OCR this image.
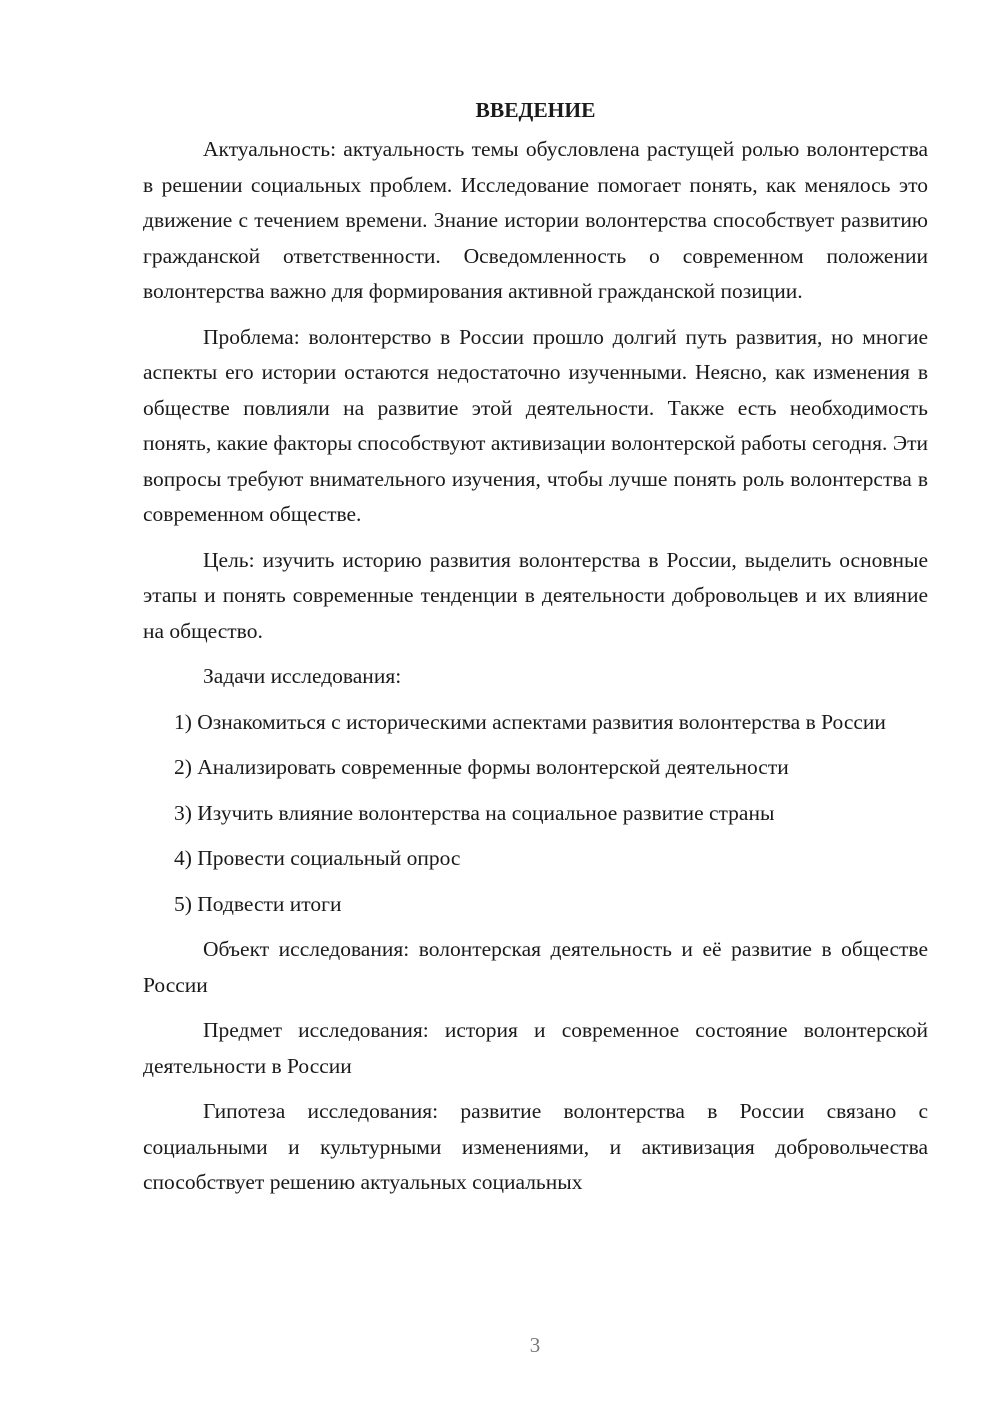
ВВЕДЕНИЕ

Актуальность: актуальность темы обусловлена растущей ролью волонтерства в решении социальных проблем. Исследование помогает понять, как менялось это движение с течением времени. Знание истории волонтерства способствует развитию гражданской ответственности. Осведомленность о современном положении волонтерства важно для формирования активной гражданской позиции.

Проблема: волонтерство в России прошло долгий путь развития, но многие аспекты его истории остаются недостаточно изученными. Неясно, как изменения в обществе повлияли на развитие этой деятельности. Также есть необходимость понять, какие факторы способствуют активизации волонтерской работы сегодня. Эти вопросы требуют внимательного изучения, чтобы лучше понять роль волонтерства в современном обществе.

Цель: изучить историю развития волонтерства в России, выделить основные этапы и понять современные тенденции в деятельности добровольцев и их влияние на общество.

Задачи исследования:

1) Ознакомиться с историческими аспектами развития волонтерства в России

2) Анализировать современные формы волонтерской деятельности

3) Изучить влияние волонтерства на социальное развитие страны

4) Провести социальный опрос

5) Подвести итоги

Объект исследования: волонтерская деятельность и её развитие в обществе России

Предмет исследования: история и современное состояние волонтерской деятельности в России

Гипотеза исследования: развитие волонтерства в России связано с социальными и культурными изменениями, и активизация добровольчества способствует решению актуальных социальных

3
